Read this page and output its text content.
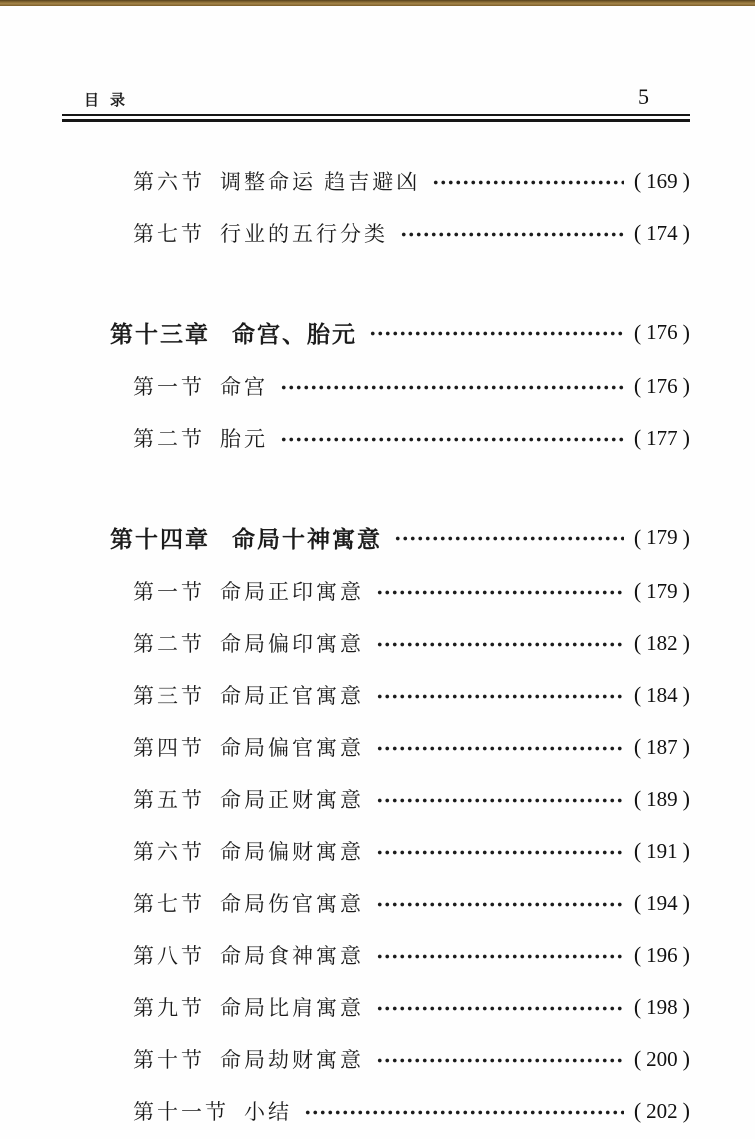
目录	5
第六节 调整命运 趋吉避凶	( 169 )
第七节 行业的五行分类	( 174 )
第十三章 命宫、胎元	( 176 )
第一节 命宫	( 176 )
第二节 胎元	( 177 )
第十四章 命局十神寓意	( 179 )
第一节 命局正印寓意	( 179 )
第二节 命局偏印寓意	( 182 )
第三节 命局正官寓意	( 184 )
第四节 命局偏官寓意	( 187 )
第五节 命局正财寓意	( 189 )
第六节 命局偏财寓意	( 191 )
第七节 命局伤官寓意	( 194 )
第八节 命局食神寓意	( 196 )
第九节 命局比肩寓意	( 198 )
第十节 命局劫财寓意	( 200 )
第十一节 小结	( 202 )
